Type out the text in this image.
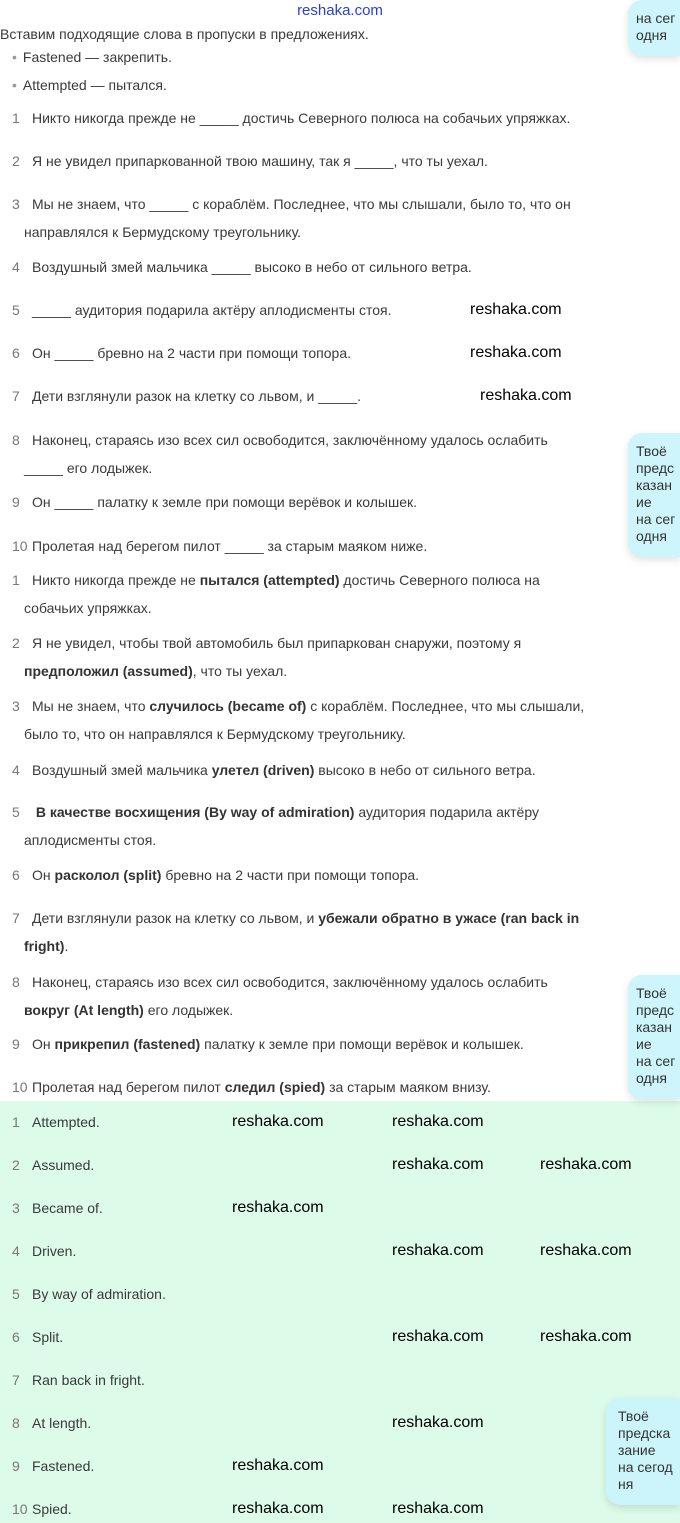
reshaka.com
Вставим подходящие слова в пропуски в предложениях.
• Fastened — закрепить.
• Attempted — пытался.
1 Никто никогда прежде не _____ достичь Северного полюса на собачьих упряжках.
2 Я не увидел припаркованной твою машину, так я _____, что ты уехал.
3 Мы не знаем, что _____ с кораблём. Последнее, что мы слышали, было то, что он
направлялся к Бермудскому треугольнику.
4 Воздушный змей мальчика _____ высоко в небо от сильного ветра.
5 _____ аудитория подарила актёру аплодисменты стоя.
6 Он _____ бревно на 2 части при помощи топора.
7 Дети взглянули разок на клетку со львом, и _____.
8 Наконец, стараясь изо всех сил освободится, заключённому удалось ослабить
_____ его лодыжек.
9 Он _____ палатку к земле при помощи верёвок и колышек.
10 Пролетая над берегом пилот _____ за старым маяком ниже.
1 Никто никогда прежде не пытался (attempted) достичь Северного полюса на
собачьих упряжках.
2 Я не увидел, чтобы твой автомобиль был припаркован снаружи, поэтому я
предположил (assumed), что ты уехал.
3 Мы не знаем, что случилось (became of) с кораблём. Последнее, что мы слышали,
было то, что он направлялся к Бермудскому треугольнику.
4 Воздушный змей мальчика улетел (driven) высоко в небо от сильного ветра.
5 В качестве восхищения (By way of admiration) аудитория подарила актёру
аплодисменты стоя.
6 Он расколол (split) бревно на 2 части при помощи топора.
7 Дети взглянули разок на клетку со львом, и убежали обратно в ужасе (ran back in
fright).
8 Наконец, стараясь изо всех сил освободится, заключённому удалось ослабить
вокруг (At length) его лодыжек.
9 Он прикрепил (fastened) палатку к земле при помощи верёвок и колышек.
10 Пролетая над берегом пилот следил (spied) за старым маяком внизу.
1 Attempted.
2 Assumed.
3 Became of.
4 Driven.
5 By way of admiration.
6 Split.
7 Ran back in fright.
8 At length.
9 Fastened.
10 Spied.
reshaka.com
reshaka.com
reshaka.com
reshaka.com	reshaka.com
reshaka.com	reshaka.com
reshaka.com
reshaka.com	reshaka.com
reshaka.com	reshaka.com
reshaka.com
reshaka.com
reshaka.com	reshaka.com
на сегодня
Твоё
предсказание
на сегодня
Твоё
предсказание
на сегодня
Твоё
предсказание
на сегодня
